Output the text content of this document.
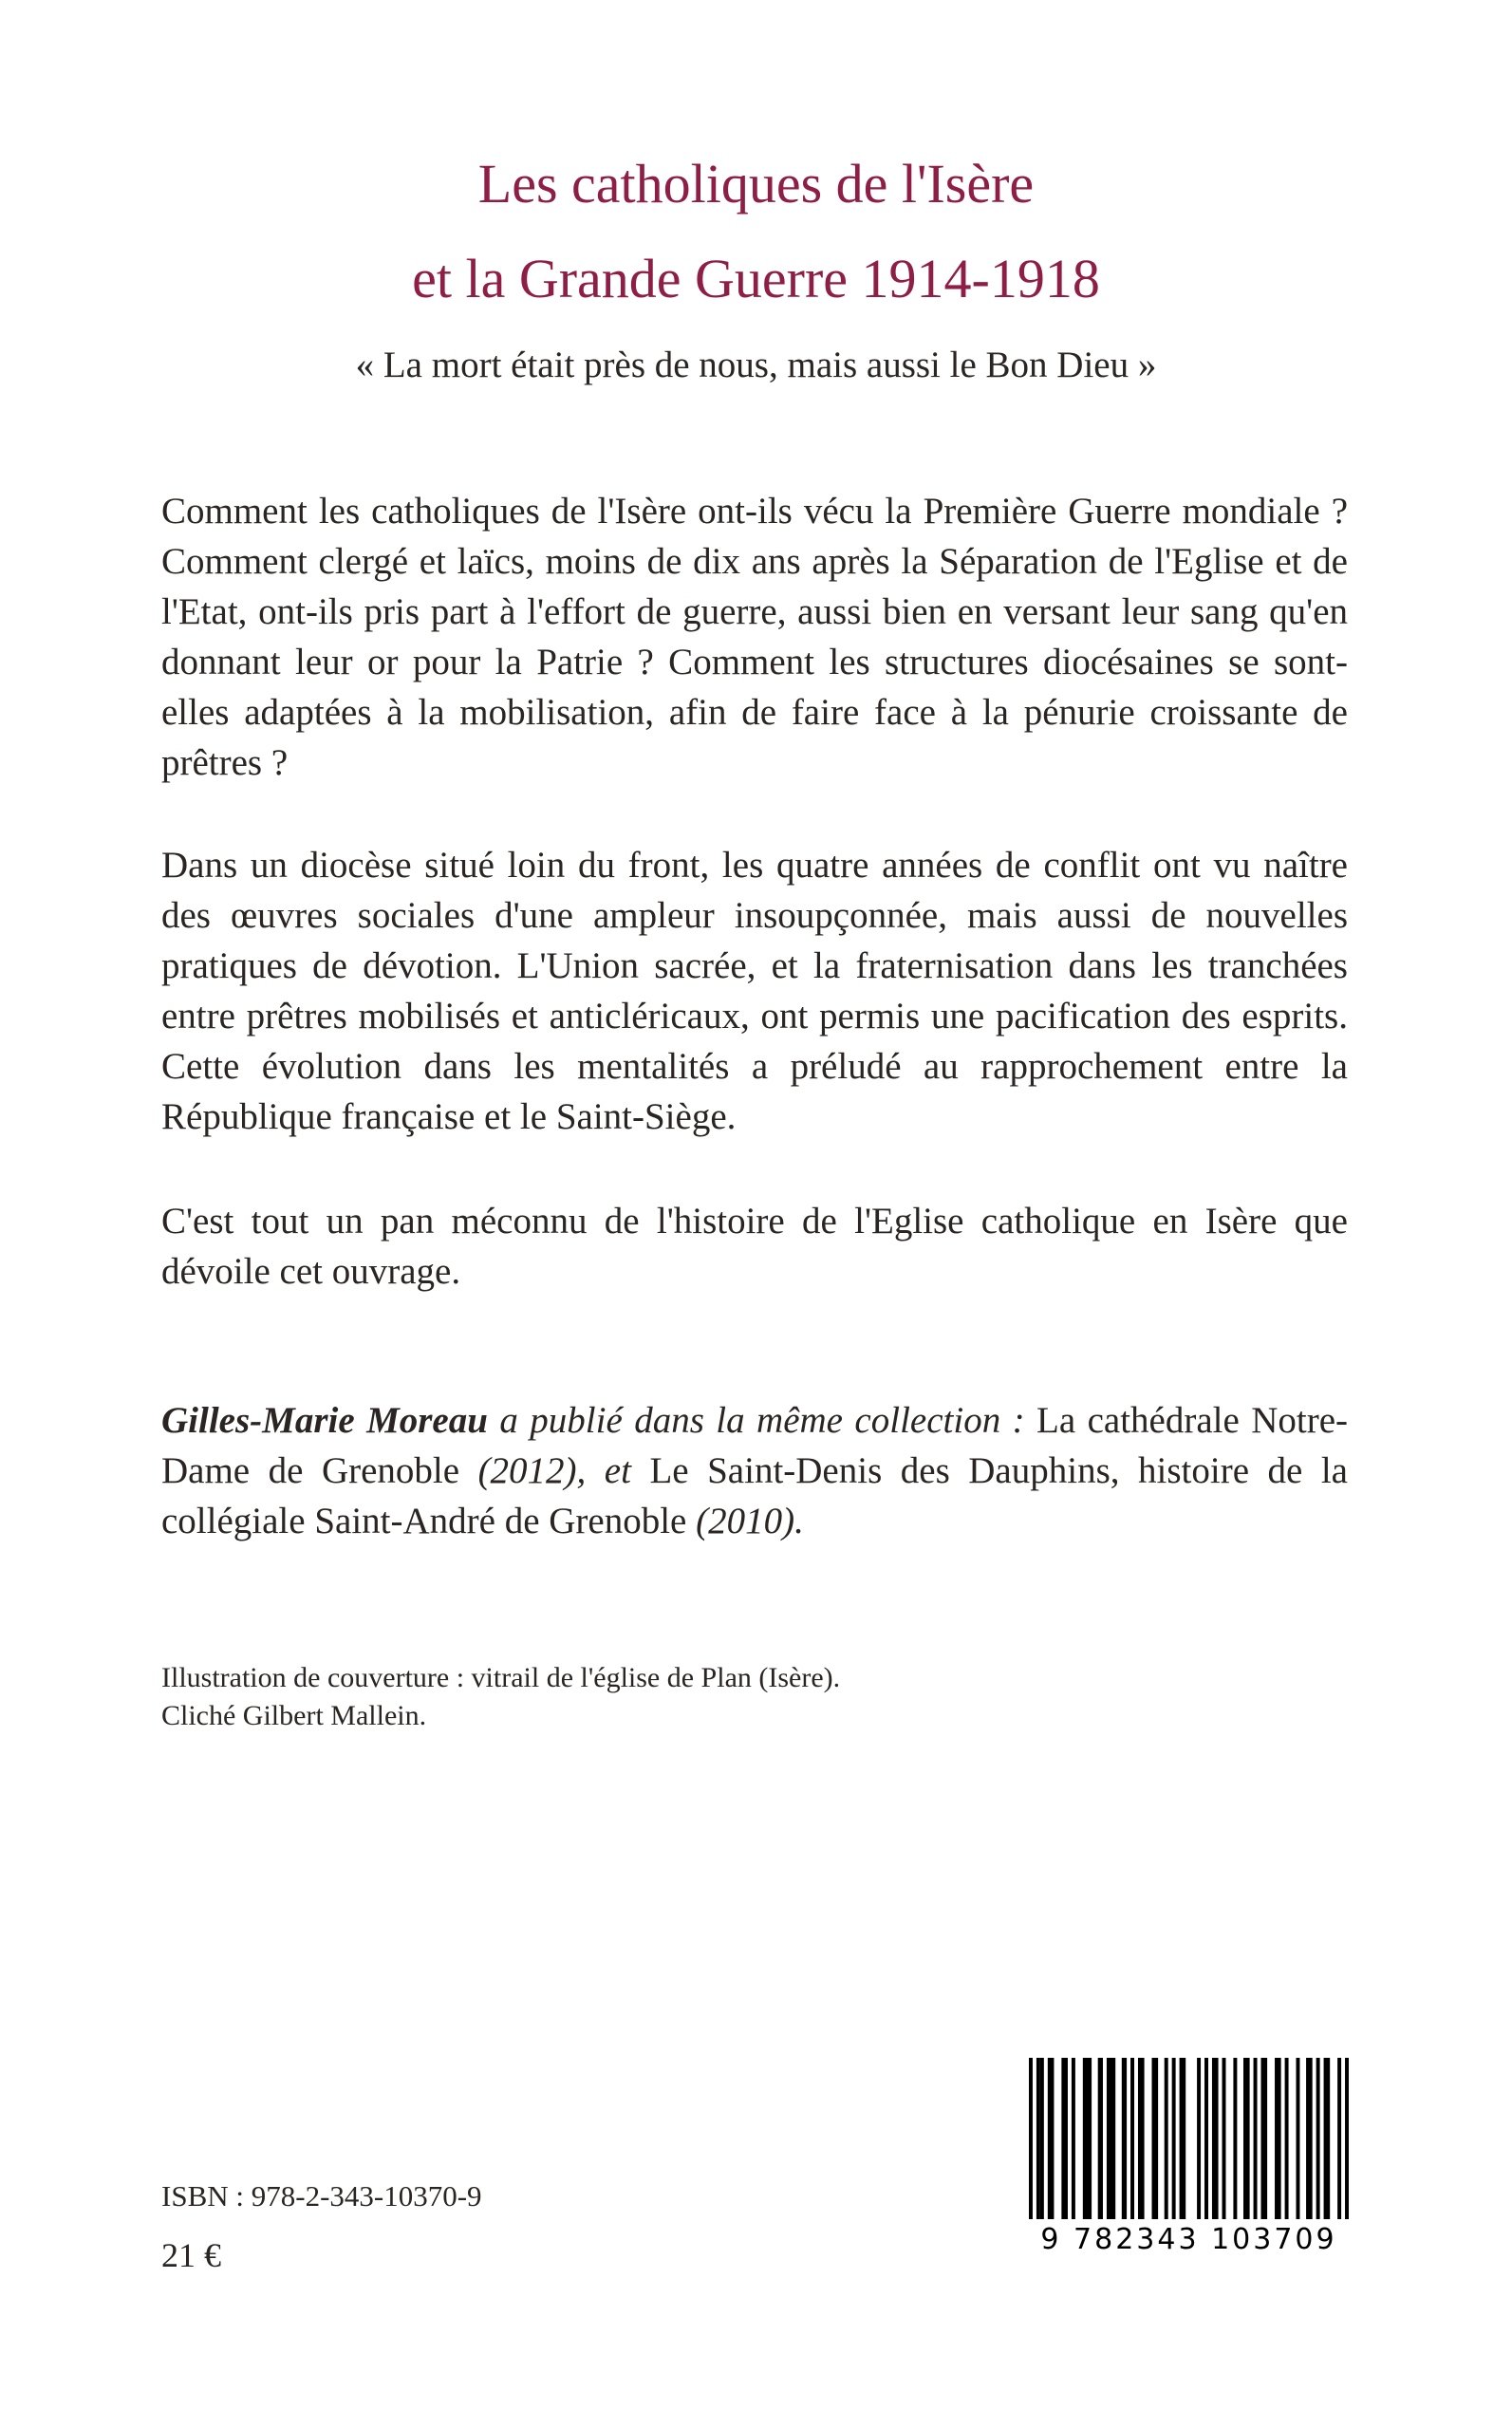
Les catholiques de l'Isère
et la Grande Guerre 1914-1918
« La mort était près de nous, mais aussi le Bon Dieu »

Comment les catholiques de l'Isère ont-ils vécu la Première Guerre mondiale ? Comment clergé et laïcs, moins de dix ans après la Séparation de l'Eglise et de l'Etat, ont-ils pris part à l'effort de guerre, aussi bien en versant leur sang qu'en donnant leur or pour la Patrie ? Comment les structures diocésaines se sont-elles adaptées à la mobilisation, afin de faire face à la pénurie croissante de prêtres ?

Dans un diocèse situé loin du front, les quatre années de conflit ont vu naître des œuvres sociales d'une ampleur insoupçonnée, mais aussi de nouvelles pratiques de dévotion. L'Union sacrée, et la fraternisation dans les tranchées entre prêtres mobilisés et anticléricaux, ont permis une pacification des esprits. Cette évolution dans les mentalités a préludé au rapprochement entre la République française et le Saint-Siège.

C'est tout un pan méconnu de l'histoire de l'Eglise catholique en Isère que dévoile cet ouvrage.

Gilles-Marie Moreau a publié dans la même collection : La cathédrale Notre-Dame de Grenoble (2012), et Le Saint-Denis des Dauphins, histoire de la collégiale Saint-André de Grenoble (2010).

Illustration de couverture : vitrail de l'église de Plan (Isère).
Cliché Gilbert Mallein.
ISBN : 978-2-343-10370-9
21 €	9 782343 103709
